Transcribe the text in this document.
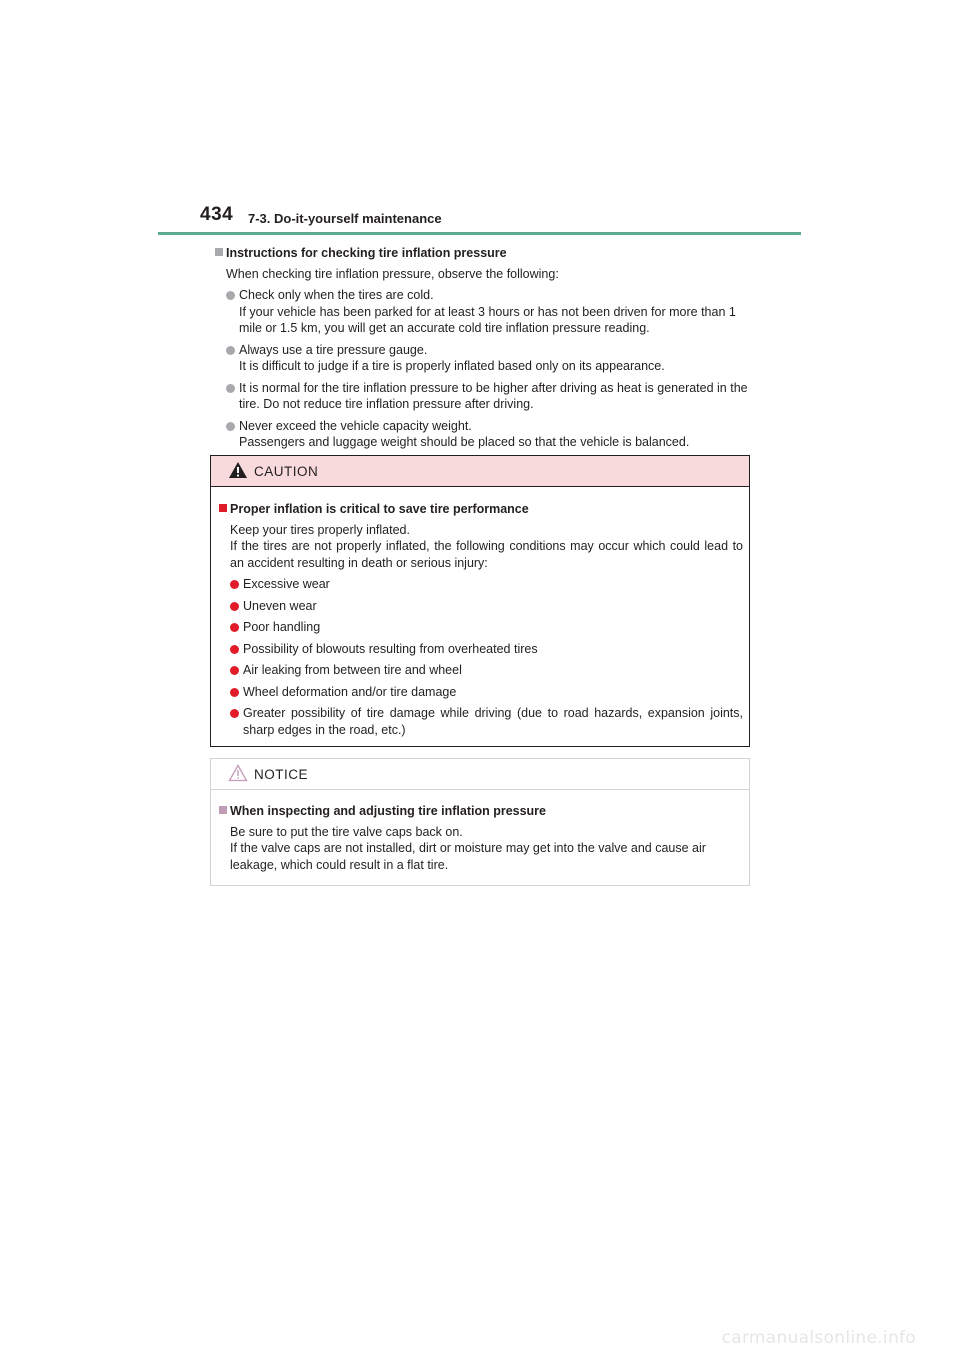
434 7-3. Do-it-yourself maintenance
Instructions for checking tire inflation pressure
When checking tire inflation pressure, observe the following:
Check only when the tires are cold.
If your vehicle has been parked for at least 3 hours or has not been driven for more than 1 mile or 1.5 km, you will get an accurate cold tire inflation pressure reading.
Always use a tire pressure gauge.
It is difficult to judge if a tire is properly inflated based only on its appearance.
It is normal for the tire inflation pressure to be higher after driving as heat is generated in the tire. Do not reduce tire inflation pressure after driving.
Never exceed the vehicle capacity weight.
Passengers and luggage weight should be placed so that the vehicle is balanced.
CAUTION
Proper inflation is critical to save tire performance
Keep your tires properly inflated.
If the tires are not properly inflated, the following conditions may occur which could lead to an accident resulting in death or serious injury:
Excessive wear
Uneven wear
Poor handling
Possibility of blowouts resulting from overheated tires
Air leaking from between tire and wheel
Wheel deformation and/or tire damage
Greater possibility of tire damage while driving (due to road hazards, expansion joints, sharp edges in the road, etc.)
NOTICE
When inspecting and adjusting tire inflation pressure
Be sure to put the tire valve caps back on.
If the valve caps are not installed, dirt or moisture may get into the valve and cause air leakage, which could result in a flat tire.
carmanualsonline.info
